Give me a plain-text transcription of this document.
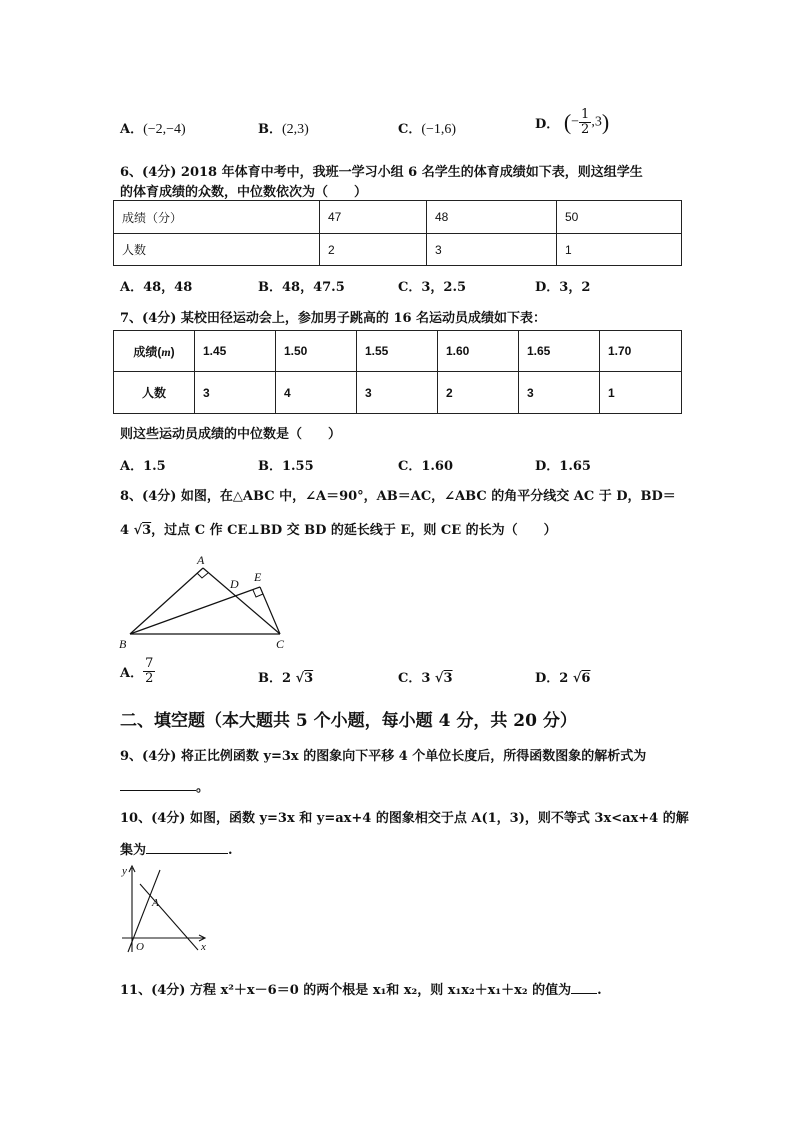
A．(−2,−4)	B．(2,3)	C．(−1,6)	D． (− $\frac{1}{2} ,3$)
6、(4分) 2018 年体育中考中，我班一学习小组 6 名学生的体育成绩如下表，则这组学生
的体育成绩的众数，中位数依次为（　　）
成绩（分）	47	48	50
人数	2	3	1
A．48，48	B．48，47.5	C．3，2.5	D．3，2
7、(4分) 某校田径运动会上，参加男子跳高的 16 名运动员成绩如下表：
成绩(m)	1.45	1.50	1.55	1.60	1.65	1.70
人数	3	4	3	2	3	1
则这些运动员成绩的中位数是（　　）
A．1.5	B．1.55	C．1.60	D．1.65
8、(4分) 如图，在△ABC 中，∠A＝90°，AB＝AC，∠ABC 的角平分线交 AC 于 D，BD＝
4 √3，过点 C 作 CE⊥BD 交 BD 的延长线于 E，则 CE 的长为（　　）
A
B	C
D E
A． $\frac{7}{2}$	B．2 √3	C．3 √3	D．2 √6
二、填空题（本大题共 5 个小题，每小题 4 分，共 20 分）
9、(4分) 将正比例函数 y=3x 的图象向下平移 4 个单位长度后，所得函数图象的解析式为
。
10、(4分) 如图，函数 y=3x 和 y=ax+4 的图象相交于点 A(1，3)，则不等式 3x<ax+4 的解
集为	.
y
x
A
O
11、(4分) 方程 x²＋x－6＝0 的两个根是 x₁和 x₂，则 x₁x₂＋x₁＋x₂ 的值为 .
